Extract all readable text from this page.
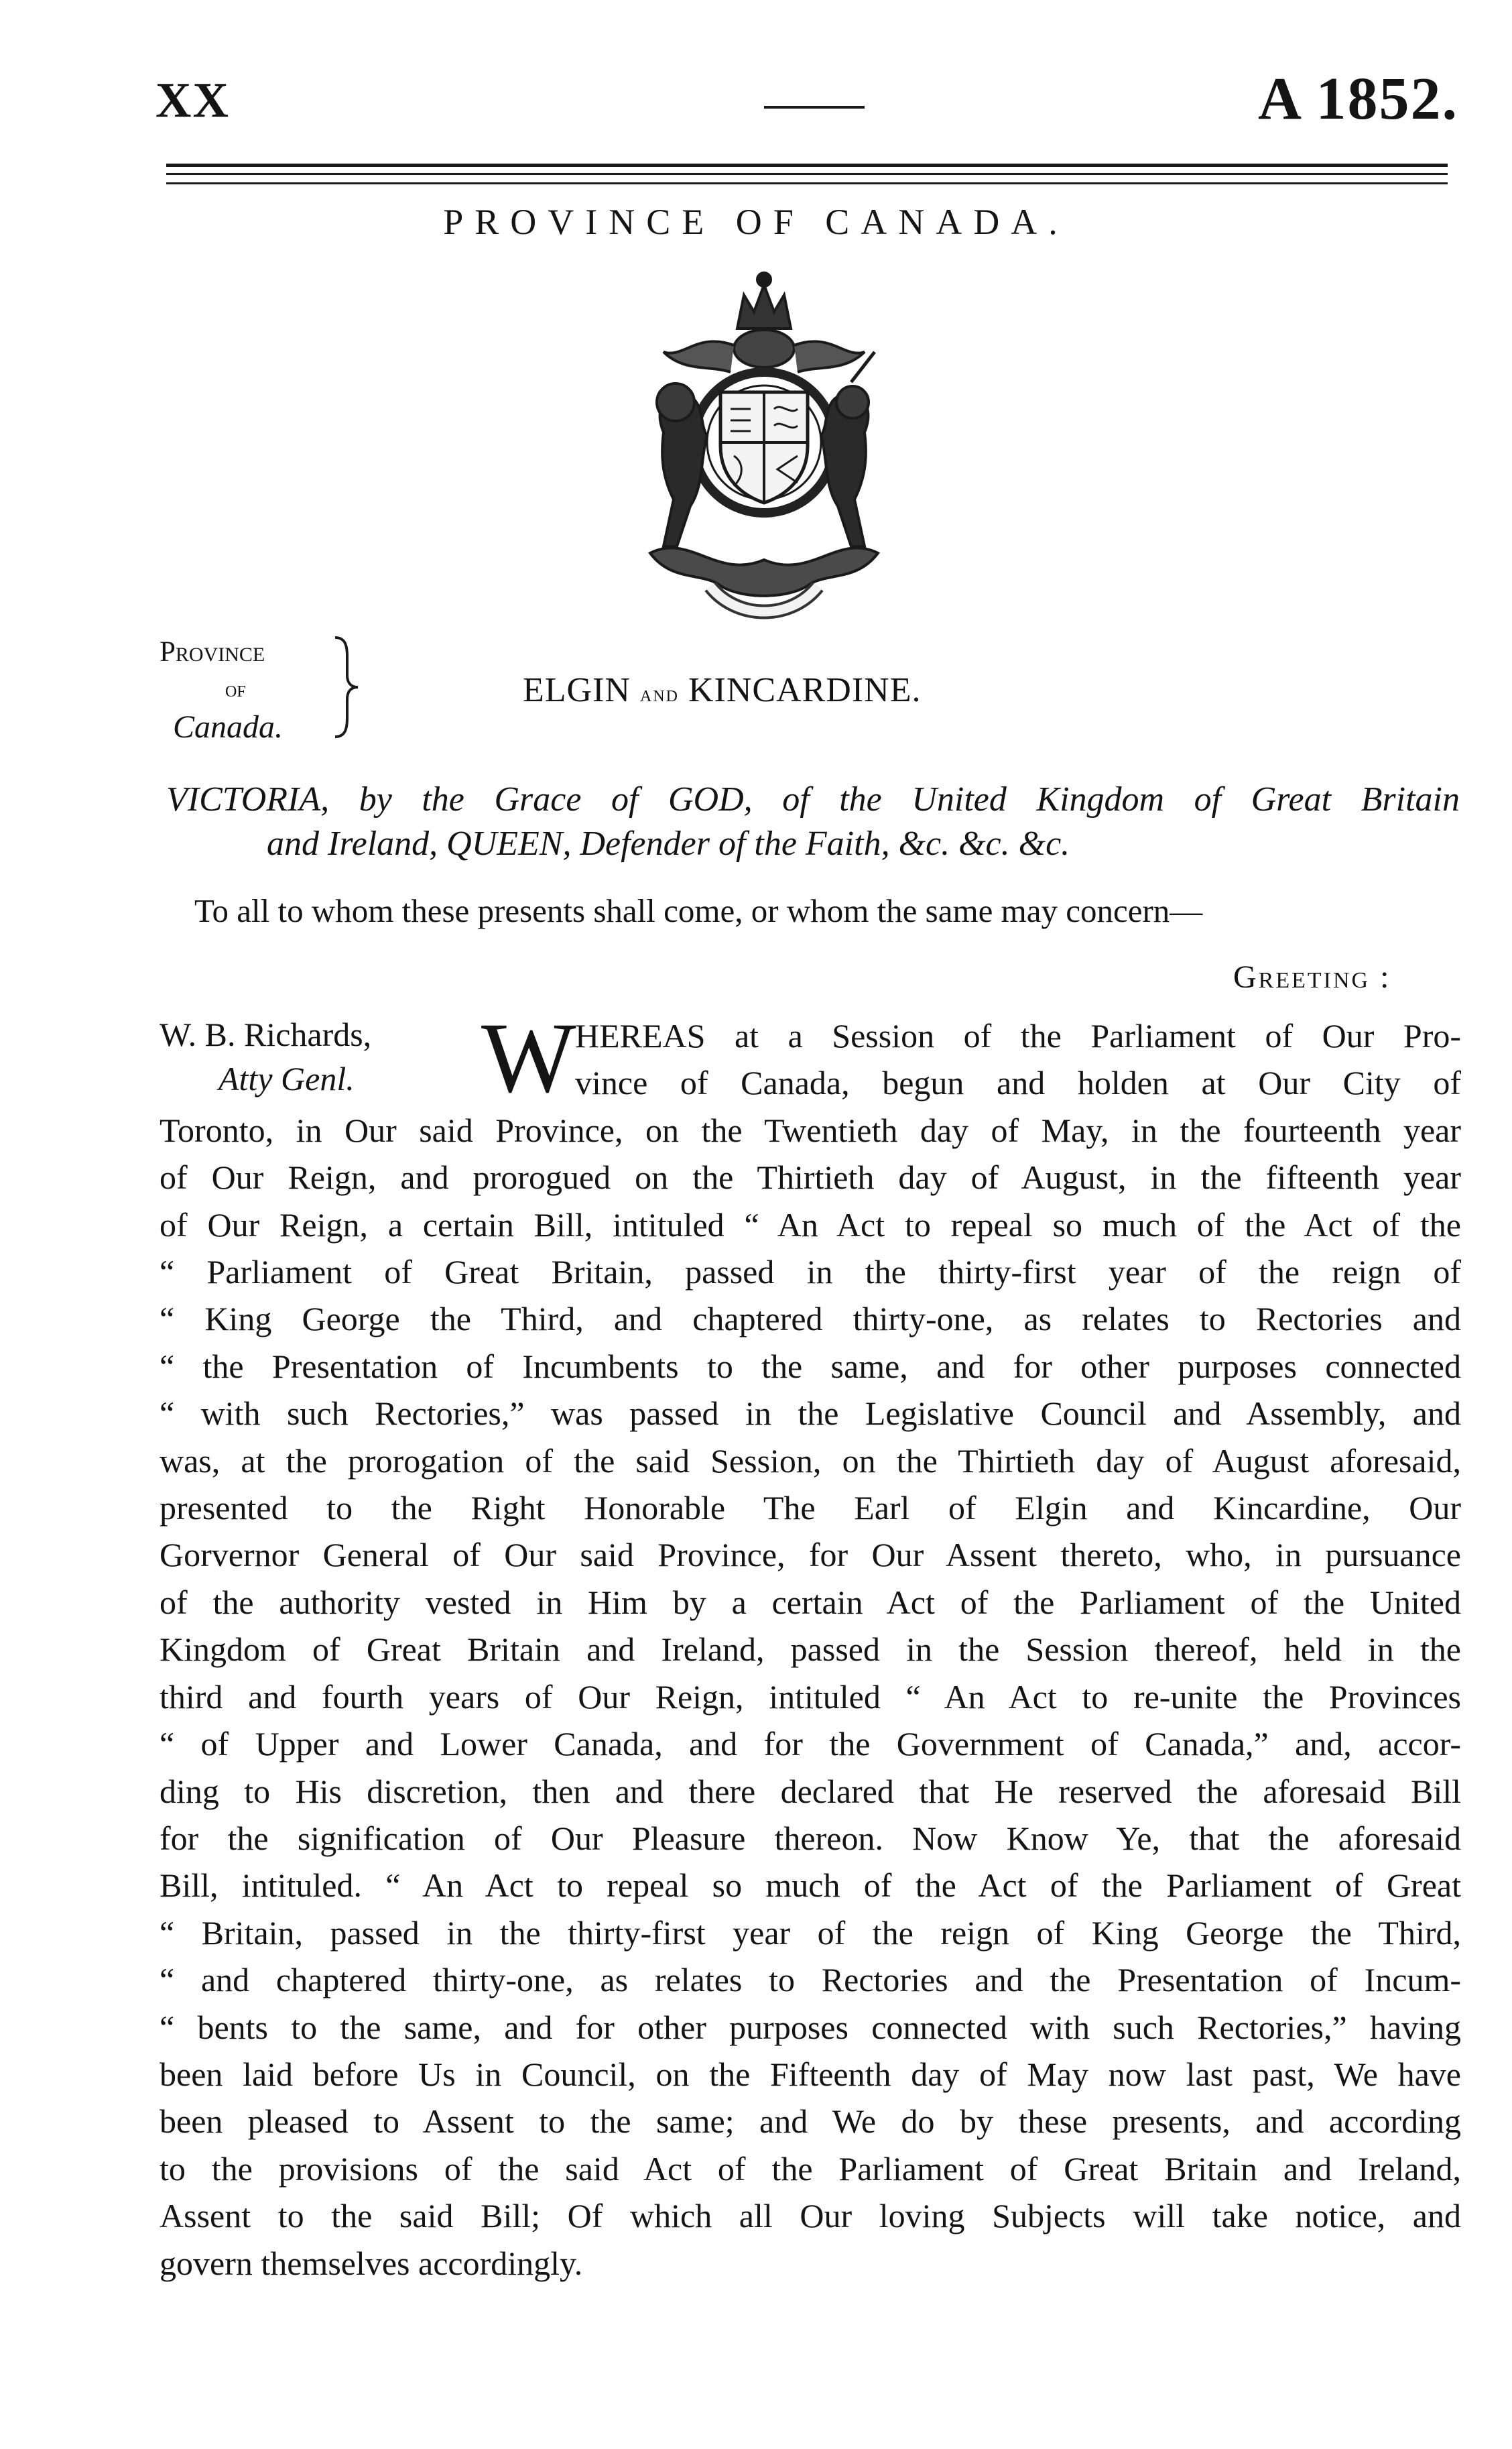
XX	A 1852.
PROVINCE OF CANADA.
Province
of
Canada.
ELGIN and KINCARDINE.
VICTORIA, by the Grace of GOD, of the United Kingdom of Great Britain
and Ireland, QUEEN, Defender of the Faith, &c. &c. &c.
To all to whom these presents shall come, or whom the same may concern—
Greeting :
W. B. Richards,
Atty Genl. W
HEREAS at a Session of the Parliament of Our Pro-
vince of Canada, begun and holden at Our City of
Toronto, in Our said Province, on the Twentieth day of May, in the fourteenth year
of Our Reign, and prorogued on the Thirtieth day of August, in the fifteenth year
of Our Reign, a certain Bill, intituled “ An Act to repeal so much of the Act of the
“ Parliament of Great Britain, passed in the thirty-first year of the reign of
“ King George the Third, and chaptered thirty-one, as relates to Rectories and
“ the Presentation of Incumbents to the same, and for other purposes connected
“ with such Rectories,” was passed in the Legislative Council and Assembly, and
was, at the prorogation of the said Session, on the Thirtieth day of August aforesaid,
presented to the Right Honorable The Earl of Elgin and Kincardine, Our
Gorvernor General of Our said Province, for Our Assent thereto, who, in pursuance
of the authority vested in Him by a certain Act of the Parliament of the United
Kingdom of Great Britain and Ireland, passed in the Session thereof, held in the
third and fourth years of Our Reign, intituled “ An Act to re-unite the Provinces
“ of Upper and Lower Canada, and for the Government of Canada,” and, accor-
ding to His discretion, then and there declared that He reserved the aforesaid Bill
for the signification of Our Pleasure thereon. Now Know Ye, that the aforesaid
Bill, intituled. “ An Act to repeal so much of the Act of the Parliament of Great
“ Britain, passed in the thirty-first year of the reign of King George the Third,
“ and chaptered thirty-one, as relates to Rectories and the Presentation of Incum-
“ bents to the same, and for other purposes connected with such Rectories,” having
been laid before Us in Council, on the Fifteenth day of May now last past, We have
been pleased to Assent to the same; and We do by these presents, and according
to the provisions of the said Act of the Parliament of Great Britain and Ireland,
Assent to the said Bill; Of which all Our loving Subjects will take notice, and
govern themselves accordingly.
